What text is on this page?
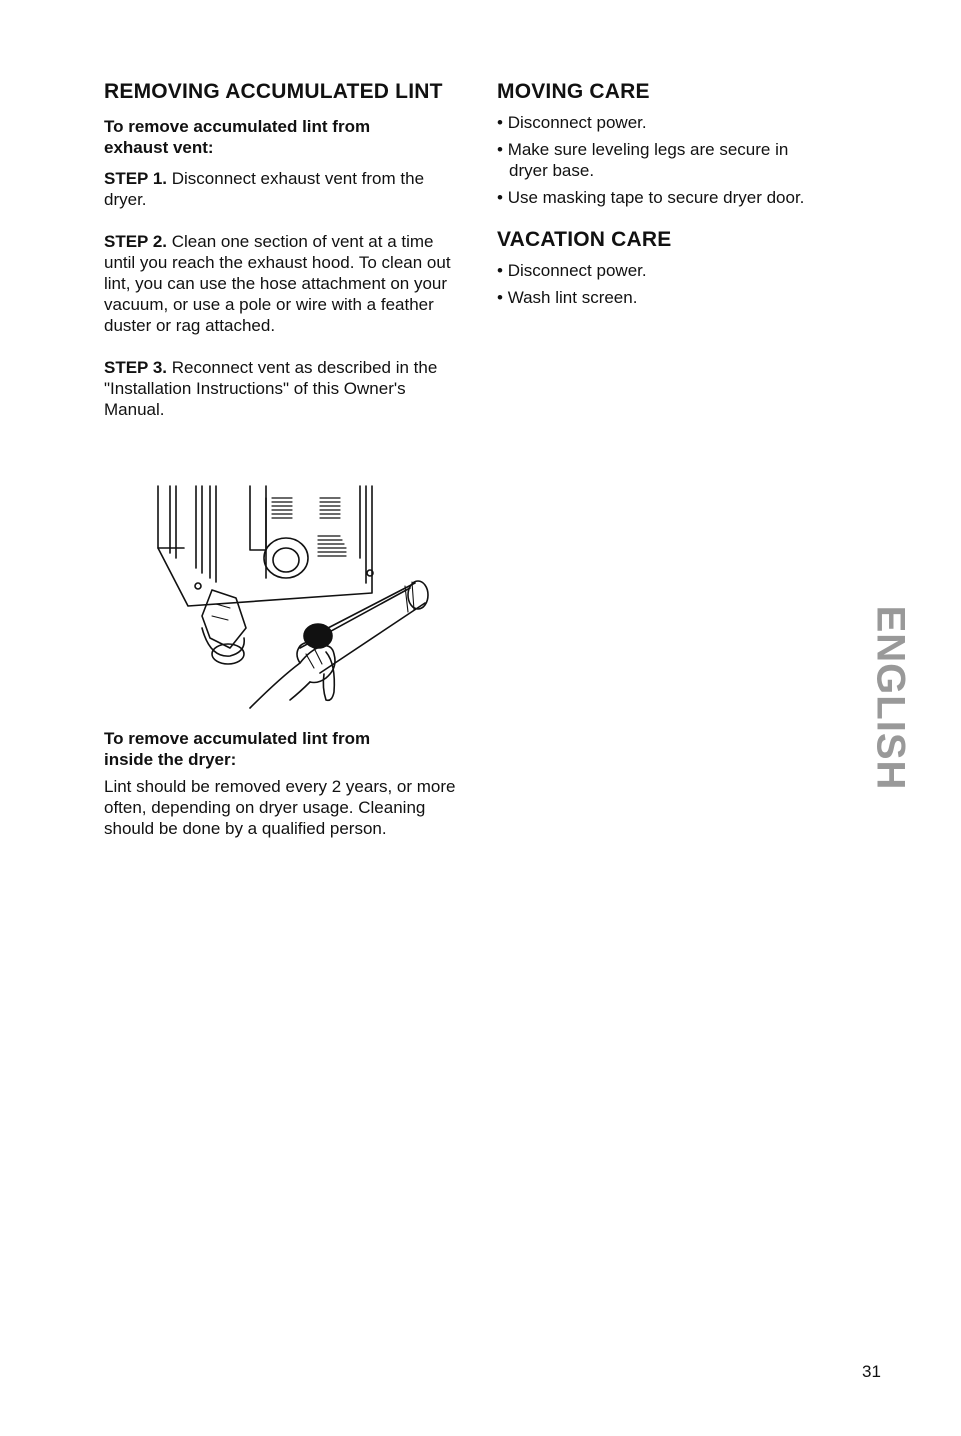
REMOVING ACCUMULATED LINT
To remove accumulated lint from
exhaust vent:

STEP 1. Disconnect exhaust vent from the dryer.

STEP 2. Clean one section of vent at a time until you reach the exhaust hood. To clean out lint, you can use the hose attachment on your vacuum, or use a pole or wire with a feather duster or rag attached.

STEP 3. Reconnect vent as described in the "Installation Instructions" of this Owner's Manual.

To remove accumulated lint from
inside the dryer:

Lint should be removed every 2 years, or more often, depending on dryer usage. Cleaning should be done by a qualified person.

MOVING CARE
• Disconnect power.
• Make sure leveling legs are secure in dryer base.
• Use masking tape to secure dryer door.
VACATION CARE
• Disconnect power.
• Wash lint screen.
ENGLISH
31
